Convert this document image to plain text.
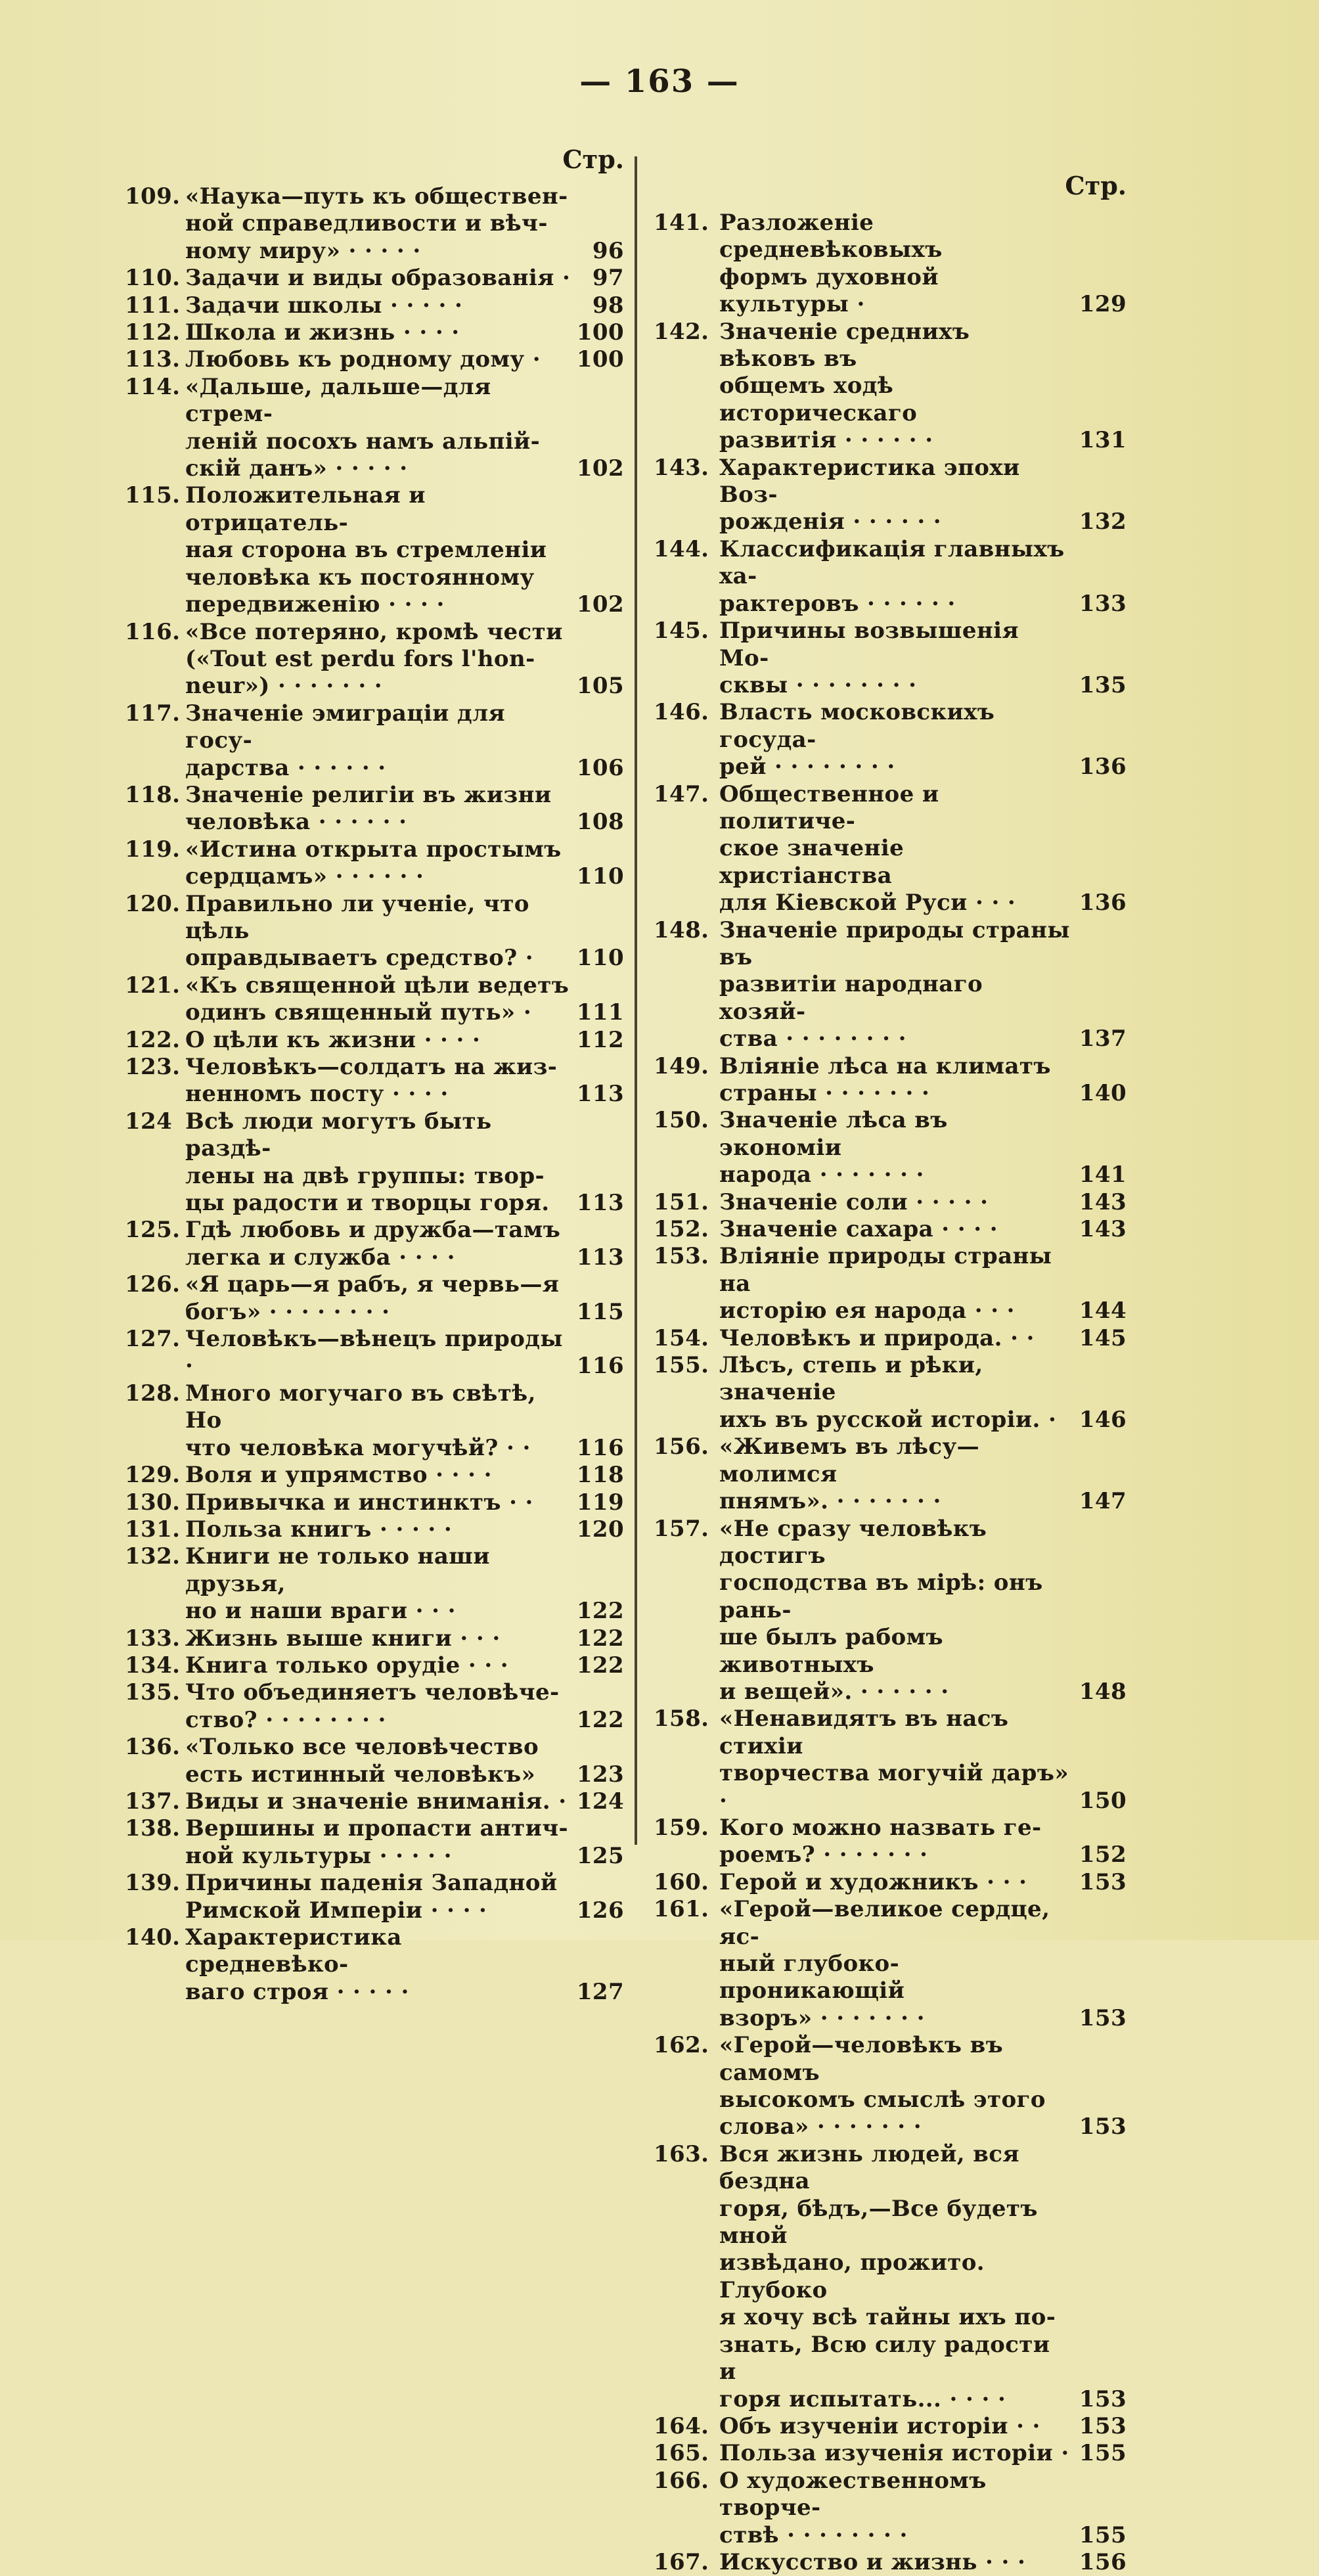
— 163 —
Стр.
109. «Наука—путь къ обществен-
ной справедливости и вѣч-
ному миру» · · · · ·	96
110. Задачи и виды образованія · 97
111. Задачи школы · · · · ·	98
112. Школа и жизнь · · · ·	100
113. Любовь къ родному дому ·	100
114. «Дальше, дальше—для стрем-
леній посохъ намъ альпій-
скій данъ» · · · · ·	102
115. Положительная и отрицатель-
ная сторона въ стремленіи
человѣка къ постоянному
передвиженію · · · ·	102
116. «Все потеряно, кромѣ чести
(«Tout est perdu fors l'hon-
neur») · · · · · · ·	105
117. Значеніе эмиграціи для госу-
дарства · · · · · ·	106
118. Значеніе религіи въ жизни
человѣка · · · · · ·	108
119. «Истина открыта простымъ
сердцамъ» · · · · · ·	110
120. Правильно ли ученіе, что цѣль
оправдываетъ средство? ·	110
121. «Къ священной цѣли ведетъ
одинъ священный путь» ·	111
122. О цѣли къ жизни · · · ·	112
123. Человѣкъ—солдатъ на жиз-
ненномъ посту · · · ·	113
124 Всѣ люди могутъ быть раздѣ-
лены на двѣ группы: твор-
цы радости и творцы горя.	113
125. Гдѣ любовь и дружба—тамъ
легка и служба · · · ·	113
126. «Я царь—я рабъ, я червь—я
богъ» · · · · · · · ·	115
127. Человѣкъ—вѣнецъ природы ·	116
128. Много могучаго въ свѣтѣ, Но
что человѣка могучѣй? · ·	116
129. Воля и упрямство · · · ·	118
130. Привычка и инстинктъ · ·	119
131. Польза книгъ · · · · ·	120
132. Книги не только наши друзья,
но и наши враги · · ·	122
133. Жизнь выше книги · · ·	122
134. Книга только орудіе · · ·	122
135. Что объединяетъ человѣче-
ство? · · · · · · · ·	122
136. «Только все человѣчество
есть истинный человѣкъ»	123
137. Виды и значеніе вниманія. · 124
138. Вершины и пропасти антич-
ной культуры · · · · ·	125
139. Причины паденія Западной
Римской Имперіи · · · ·	126
140. Характеристика средневѣко-
ваго строя · · · · ·	127
Стр.
141. Разложеніе средневѣковыхъ
формъ духовной культуры ·	129
142. Значеніе среднихъ вѣковъ въ
общемъ ходѣ историческаго
развитія · · · · · ·	131
143. Характеристика эпохи Воз-
рожденія · · · · · ·	132
144. Классификація главныхъ ха-
рактеровъ · · · · · ·	133
145. Причины возвышенія Мо-
сквы · · · · · · · ·	135
146. Власть московскихъ госуда-
рей · · · · · · · ·	136
147. Общественное и политиче-
ское значеніе христіанства
для Кіевской Руси · · ·	136
148. Значеніе природы страны въ
развитіи народнаго хозяй-
ства · · · · · · · ·	137
149. Вліяніе лѣса на климатъ
страны · · · · · · ·	140
150. Значеніе лѣса въ экономіи
народа · · · · · · ·	141
151. Значеніе соли · · · · ·	143
152. Значеніе сахара · · · ·	143
153. Вліяніе природы страны на
исторію ея народа · · ·	144
154. Человѣкъ и природа. · ·	145
155. Лѣсъ, степь и рѣки, значеніе
ихъ въ русской исторіи. ·	146
156. «Живемъ въ лѣсу—молимся
пнямъ». · · · · · · ·	147
157. «Не сразу человѣкъ достигъ
господства въ мірѣ: онъ рань-
ше былъ рабомъ животныхъ
и вещей». · · · · · ·	148
158. «Ненавидятъ въ насъ стихіи
творчества могучій даръ» ·	150
159. Кого можно назвать ге-
роемъ? · · · · · · ·	152
160. Герой и художникъ · · ·	153
161. «Герой—великое сердце, яс-
ный глубоко-проникающій
взоръ» · · · · · · ·	153
162. «Герой—человѣкъ въ самомъ
высокомъ смыслѣ этого
слова» · · · · · · ·	153
163. Вся жизнь людей, вся бездна
горя, бѣдъ,—Все будетъ мной
извѣдано, прожито. Глубоко
я хочу всѣ тайны ихъ по-
знать, Всю силу радости и
горя испытать... · · · ·	153
164. Объ изученіи исторіи · ·	153
165. Польза изученія исторіи · 155
166. О художественномъ творче-
ствѣ · · · · · · · ·	155
167. Искусство и жизнь · · ·	156
